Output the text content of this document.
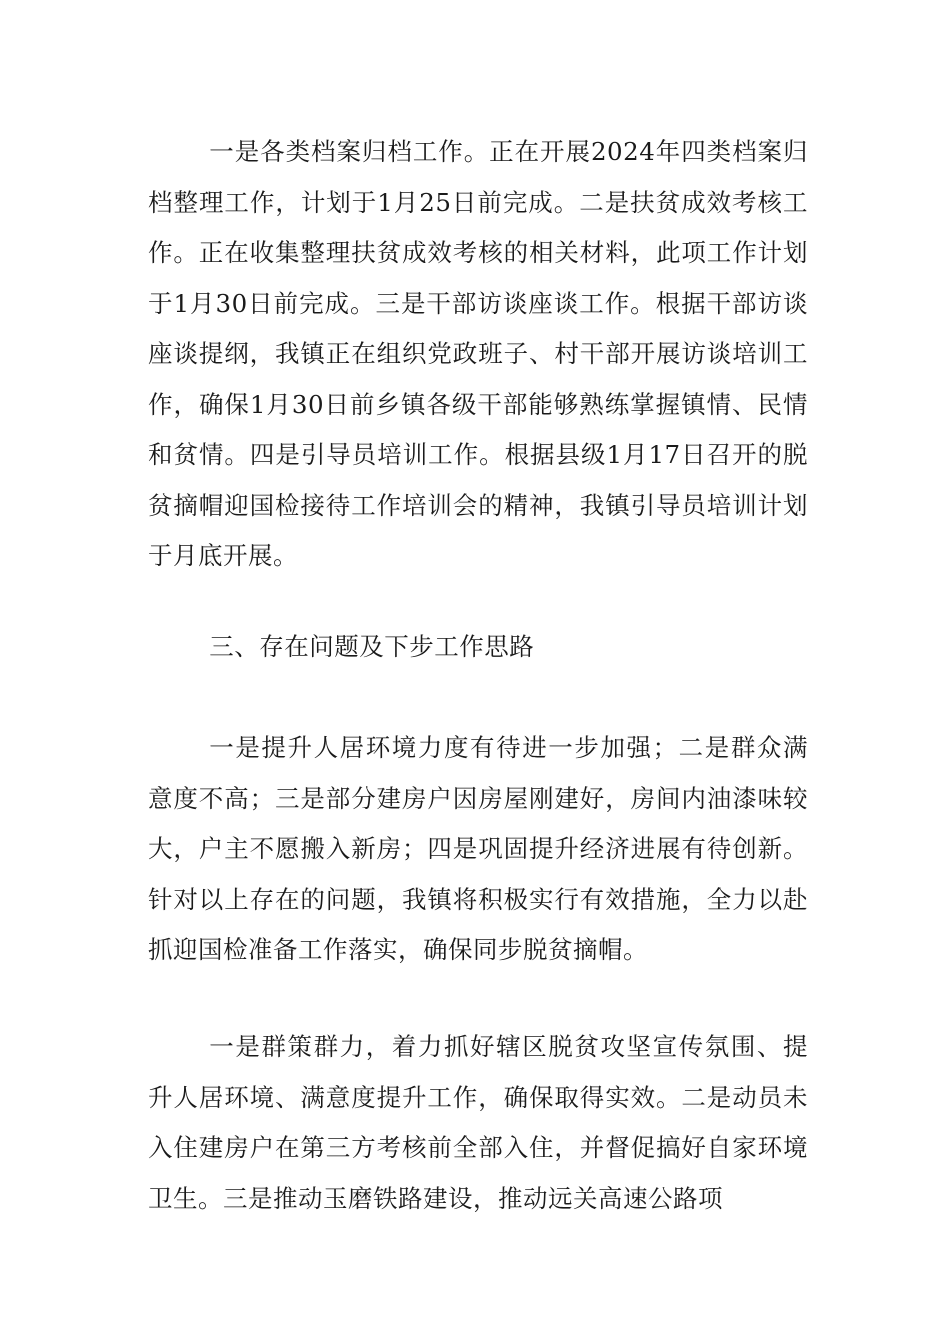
一是各类档案归档工作。正在开展2024年四类档案归档整理工作，计划于1月25日前完成。二是扶贫成效考核工作。正在收集整理扶贫成效考核的相关材料，此项工作计划于1月30日前完成。三是干部访谈座谈工作。根据干部访谈座谈提纲，我镇正在组织党政班子、村干部开展访谈培训工作，确保1月30日前乡镇各级干部能够熟练掌握镇情、民情和贫情。四是引导员培训工作。根据县级1月17日召开的脱贫摘帽迎国检接待工作培训会的精神，我镇引导员培训计划于月底开展。

三、存在问题及下步工作思路

一是提升人居环境力度有待进一步加强；二是群众满意度不高；三是部分建房户因房屋刚建好，房间内油漆味较大，户主不愿搬入新房；四是巩固提升经济进展有待创新。针对以上存在的问题，我镇将积极实行有效措施，全力以赴抓迎国检准备工作落实，确保同步脱贫摘帽。

一是群策群力，着力抓好辖区脱贫攻坚宣传氛围、提升人居环境、满意度提升工作，确保取得实效。二是动员未入住建房户在第三方考核前全部入住，并督促搞好自家环境卫生。三是推动玉磨铁路建设，推动远关高速公路项
